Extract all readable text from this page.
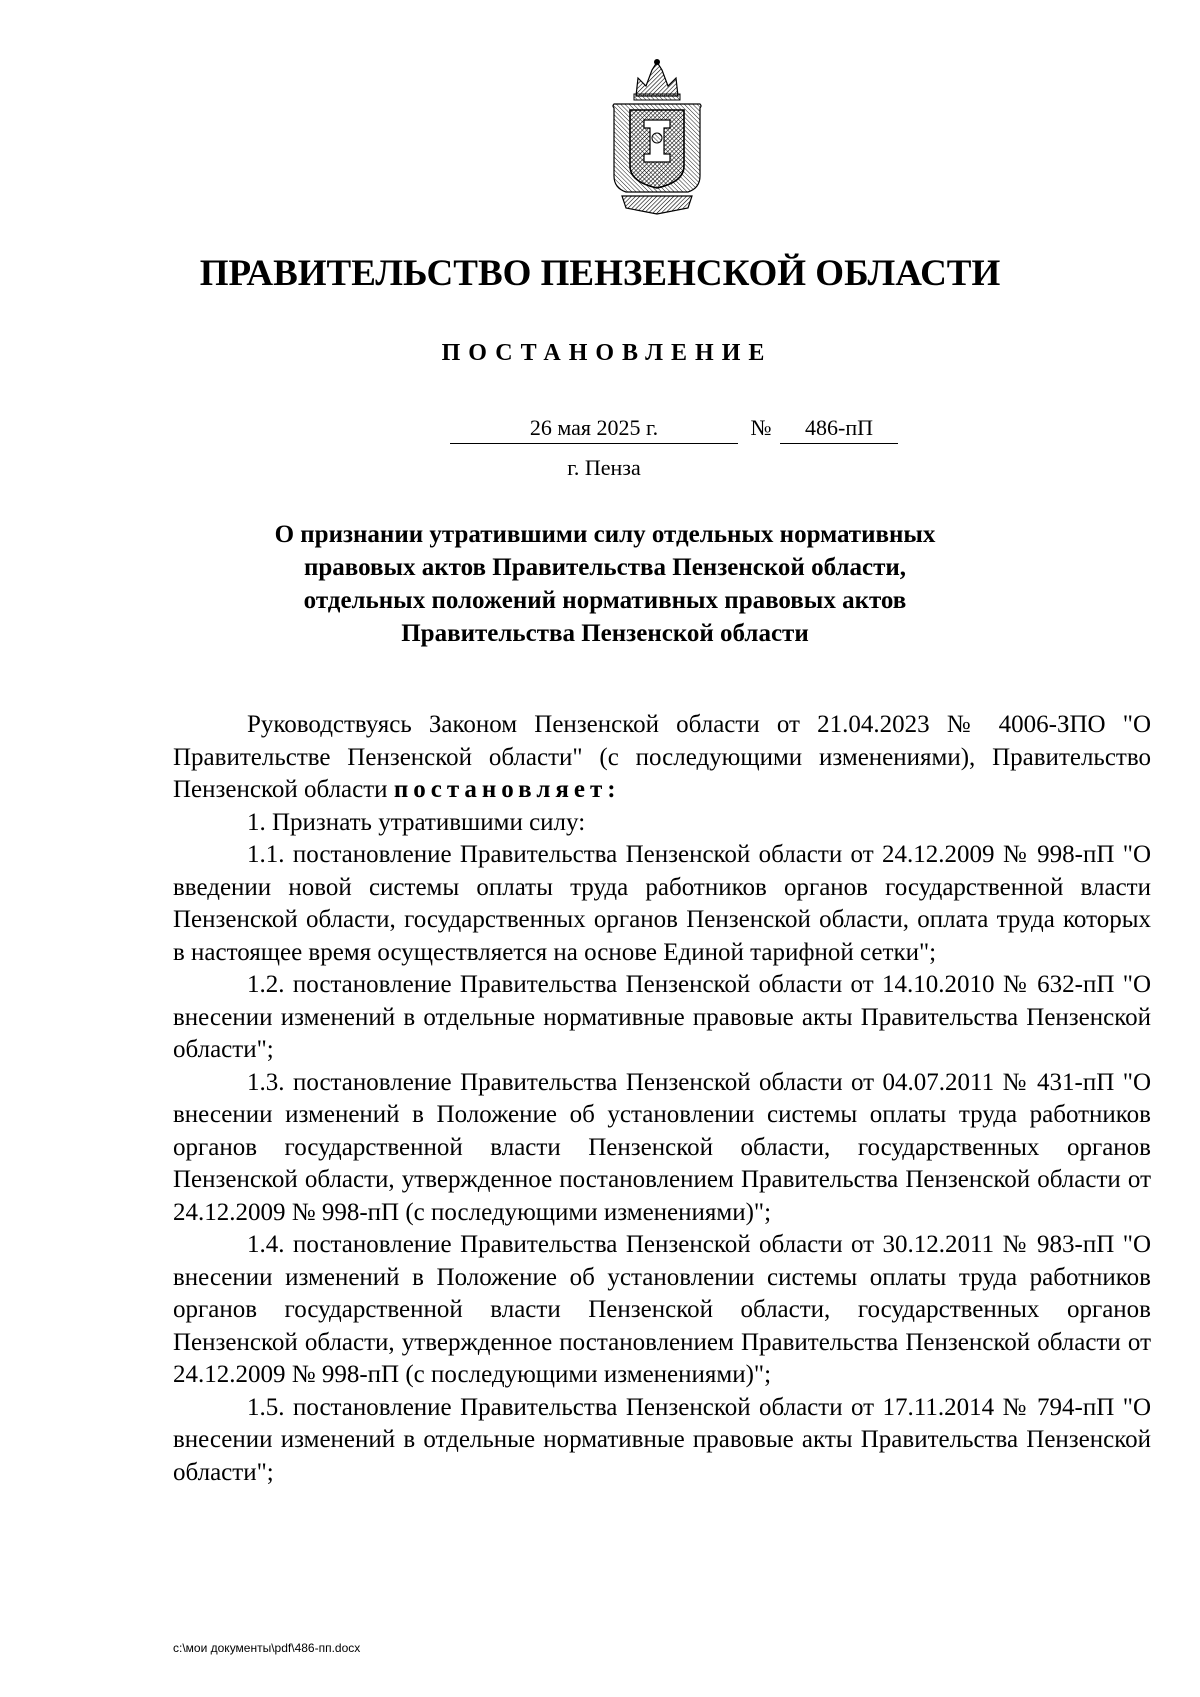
ПРАВИТЕЛЬСТВО ПЕНЗЕНСКОЙ ОБЛАСТИ
ПОСТАНОВЛЕНИЕ
26 мая 2025 г.	№	486-пП
г. Пенза
О признании утратившими силу отдельных нормативных
правовых актов Правительства Пензенской области,
отдельных положений нормативных правовых актов
Правительства Пензенской области

Руководствуясь Законом Пензенской области от 21.04.2023 № 4006-ЗПО "О Правительстве Пензенской области" (с последующими изменениями), Правительство Пензенской области постановляет:

1. Признать утратившими силу:

1.1. постановление Правительства Пензенской области от 24.12.2009 № 998-пП "О введении новой системы оплаты труда работников органов государственной власти Пензенской области, государственных органов Пензенской области, оплата труда которых в настоящее время осуществляется на основе Единой тарифной сетки";

1.2. постановление Правительства Пензенской области от 14.10.2010 № 632-пП "О внесении изменений в отдельные нормативные правовые акты Правительства Пензенской области";

1.3. постановление Правительства Пензенской области от 04.07.2011 № 431-пП "О внесении изменений в Положение об установлении системы оплаты труда работников органов государственной власти Пензенской области, государственных органов Пензенской области, утвержденное постановлением Правительства Пензенской области от 24.12.2009 № 998-пП (с последующими изменениями)";

1.4. постановление Правительства Пензенской области от 30.12.2011 № 983-пП "О внесении изменений в Положение об установлении системы оплаты труда работников органов государственной власти Пензенской области, государственных органов Пензенской области, утвержденное постановлением Правительства Пензенской области от 24.12.2009 № 998-пП (с последующими изменениями)";

1.5. постановление Правительства Пензенской области от 17.11.2014 № 794-пП "О внесении изменений в отдельные нормативные правовые акты Правительства Пензенской области";

c:\мои документы\pdf\486-пп.docx
